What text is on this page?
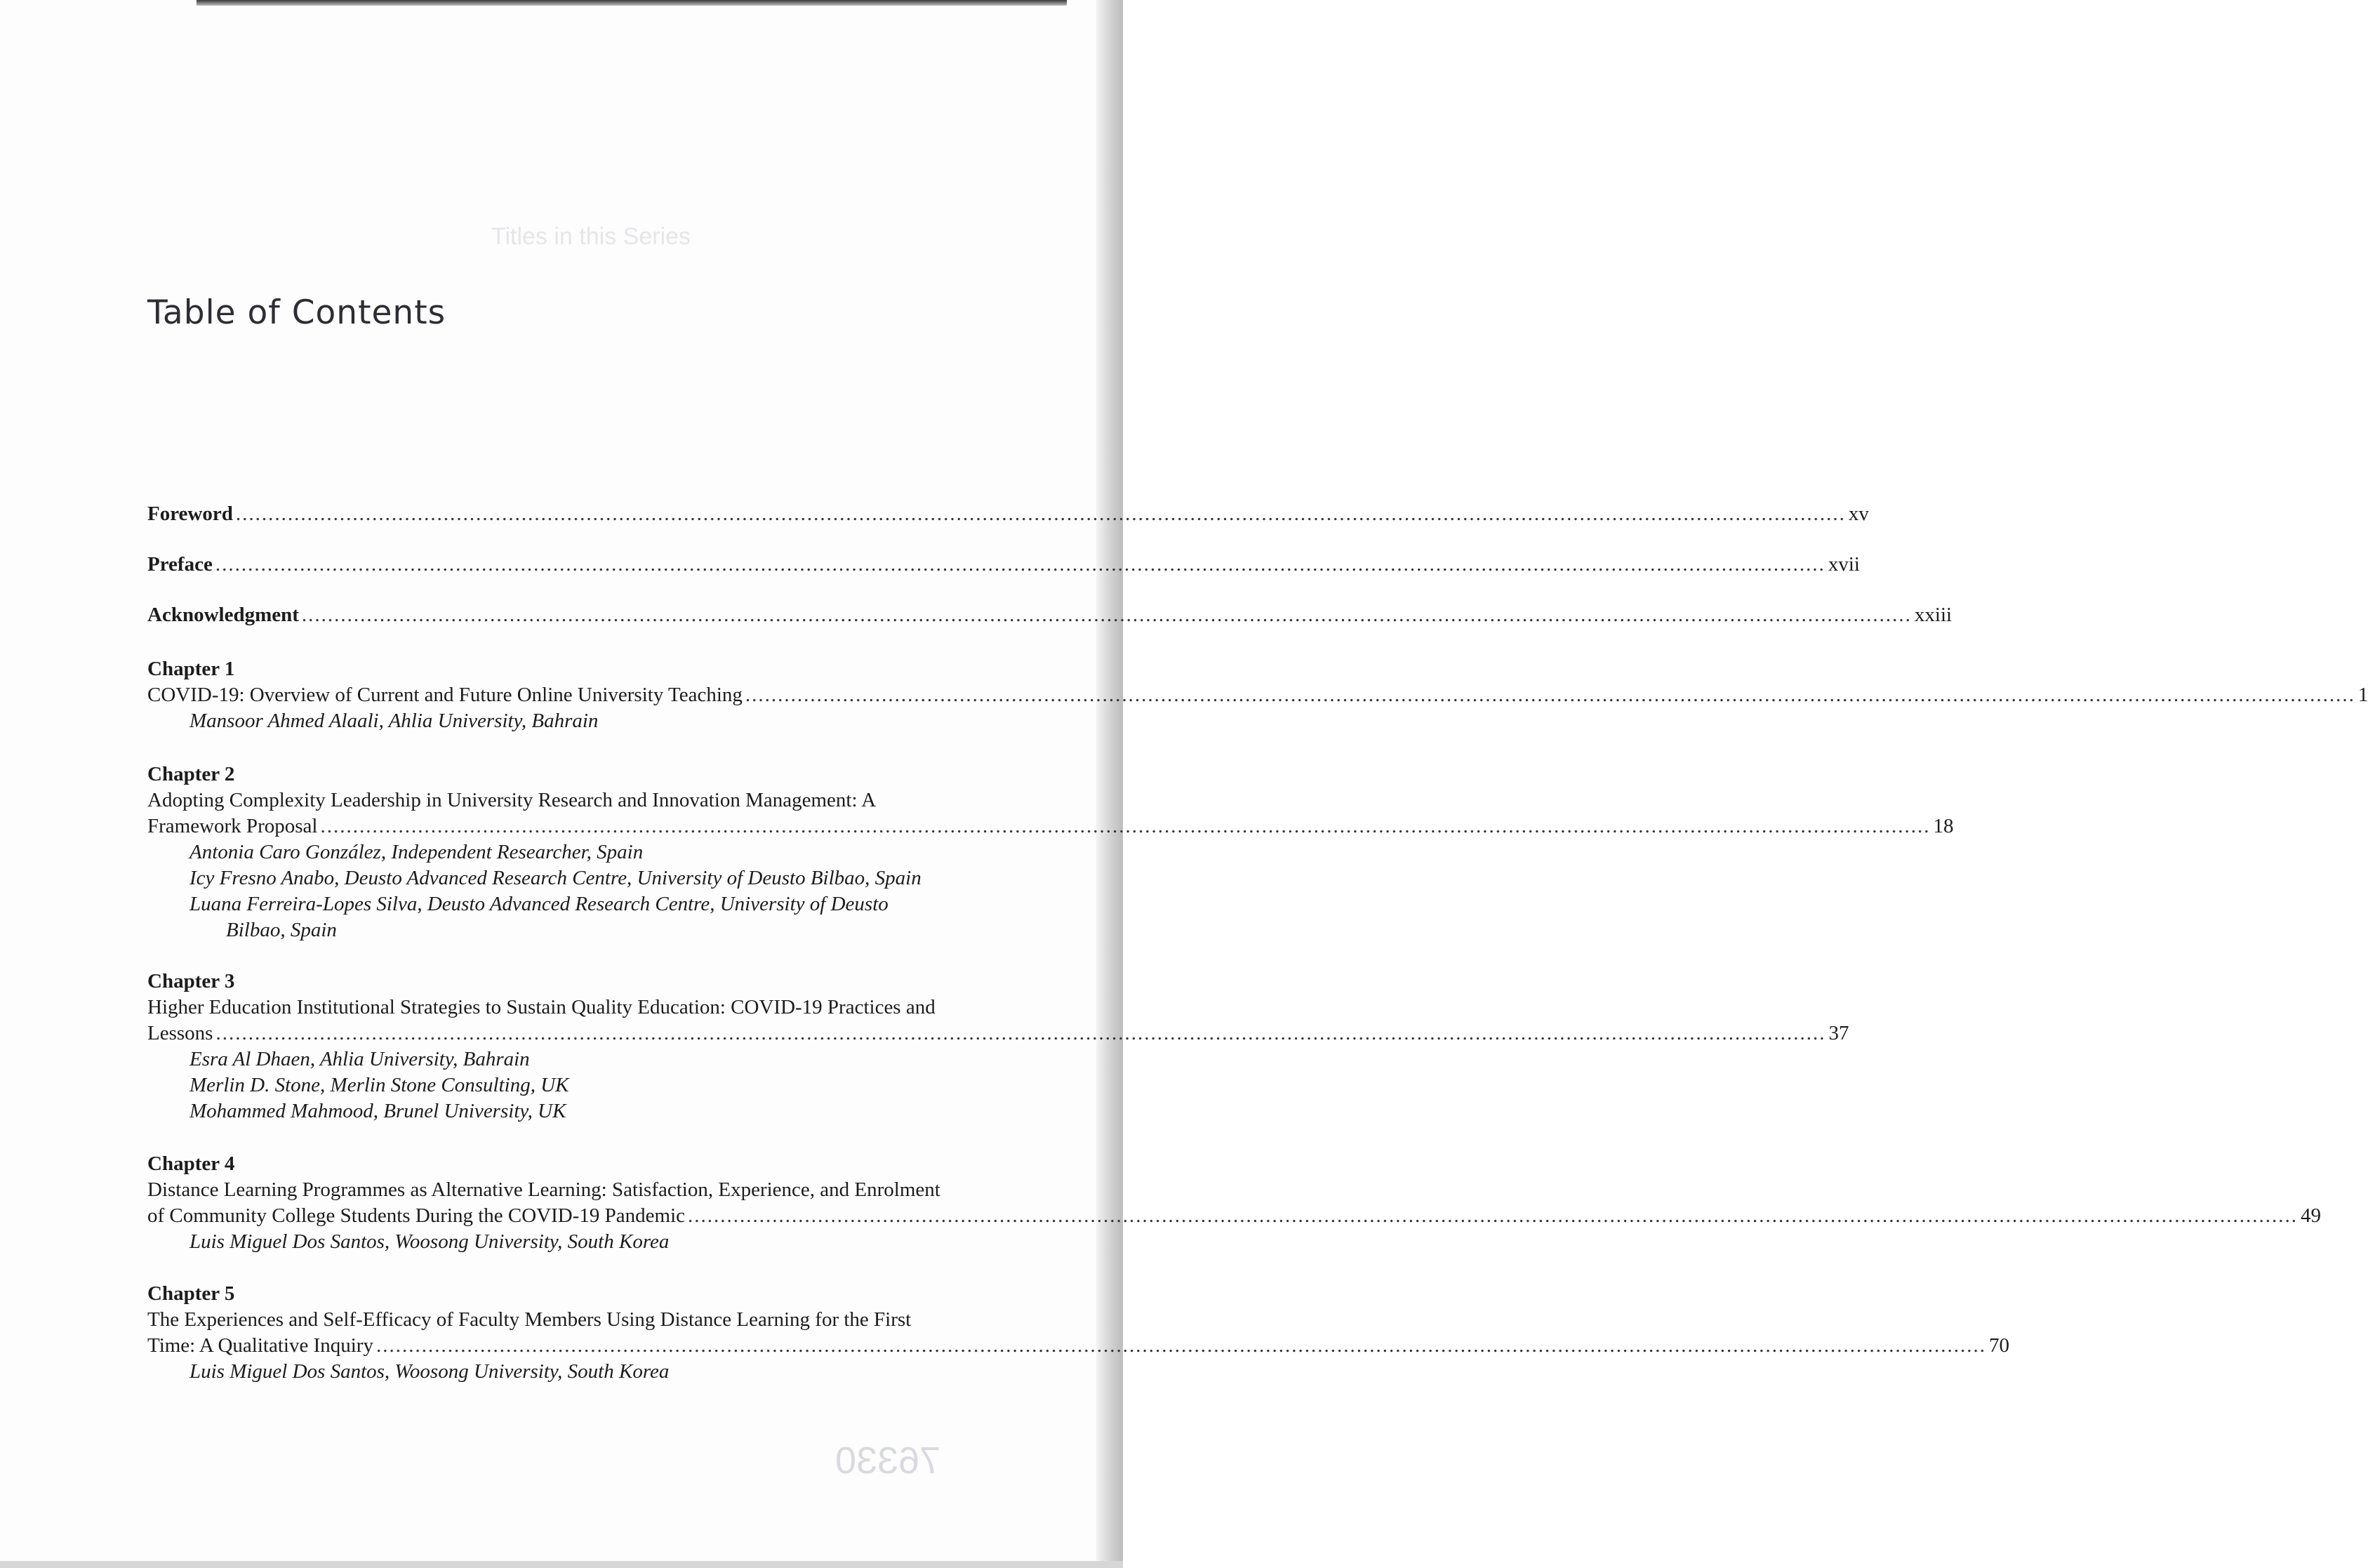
Titles in this Series
Table of Contents
Foreword ........................................................................................................................................................................................................................................................ xv
Preface ........................................................................................................................................................................................................................................................ xvii
Acknowledgment ........................................................................................................................................................................................................................................................ xxiii
Chapter 1
COVID-19: Overview of Current and Future Online University Teaching ........................................................................................................................................................................................................................................................ 1
Mansoor Ahmed Alaali, Ahlia University, Bahrain
Chapter 2
Adopting Complexity Leadership in University Research and Innovation Management: A
Framework Proposal ........................................................................................................................................................................................................................................................ 18
Antonia Caro González, Independent Researcher, Spain
Icy Fresno Anabo, Deusto Advanced Research Centre, University of Deusto Bilbao, Spain
Luana Ferreira-Lopes Silva, Deusto Advanced Research Centre, University of Deusto
Bilbao, Spain
Chapter 3
Higher Education Institutional Strategies to Sustain Quality Education: COVID-19 Practices and
Lessons ........................................................................................................................................................................................................................................................ 37
Esra Al Dhaen, Ahlia University, Bahrain
Merlin D. Stone, Merlin Stone Consulting, UK
Mohammed Mahmood, Brunel University, UK
Chapter 4
Distance Learning Programmes as Alternative Learning: Satisfaction, Experience, and Enrolment
of Community College Students During the COVID-19 Pandemic ........................................................................................................................................................................................................................................................ 49
Luis Miguel Dos Santos, Woosong University, South Korea
Chapter 5
The Experiences and Self-Efficacy of Faculty Members Using Distance Learning for the First
Time: A Qualitative Inquiry ........................................................................................................................................................................................................................................................ 70
Luis Miguel Dos Santos, Woosong University, South Korea
76330
